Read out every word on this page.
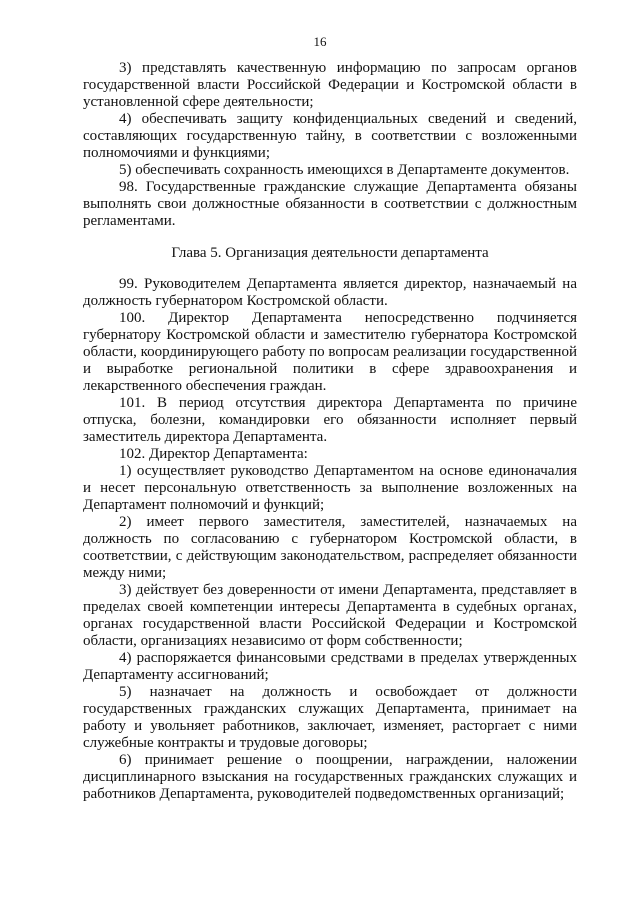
16

3) представлять качественную информацию по запросам органов государственной власти Российской Федерации и Костромской области в установленной сфере деятельности;

4) обеспечивать защиту конфиденциальных сведений и сведений, составляющих государственную тайну, в соответствии с возложенными полномочиями и функциями;

5) обеспечивать сохранность имеющихся в Департаменте документов.

98. Государственные гражданские служащие Департамента обязаны выполнять свои должностные обязанности в соответствии с должностным регламентами.

Глава 5. Организация деятельности департамента

99. Руководителем Департамента является директор, назначаемый на должность губернатором Костромской области.

100. Директор Департамента непосредственно подчиняется губернатору Костромской области и заместителю губернатора Костромской области, координирующего работу по вопросам реализации государственной и выработке региональной политики в сфере здравоохранения и лекарственного обеспечения граждан.

101. В период отсутствия директора Департамента по причине отпуска, болезни, командировки его обязанности исполняет первый заместитель директора Департамента.

102. Директор Департамента:

1) осуществляет руководство Департаментом на основе единоначалия и несет персональную ответственность за выполнение возложенных на Департамент полномочий и функций;

2) имеет первого заместителя, заместителей, назначаемых на должность по согласованию с губернатором Костромской области, в соответствии, с действующим законодательством, распределяет обязанности между ними;

3) действует без доверенности от имени Департамента, представляет в пределах своей компетенции интересы Департамента в судебных органах, органах государственной власти Российской Федерации и Костромской области, организациях независимо от форм собственности;

4) распоряжается финансовыми средствами в пределах утвержденных Департаменту ассигнований;

5) назначает на должность и освобождает от должности государственных гражданских служащих Департамента, принимает на работу и увольняет работников, заключает, изменяет, расторгает с ними служебные контракты и трудовые договоры;

6) принимает решение о поощрении, награждении, наложении дисциплинарного взыскания на государственных гражданских служащих и работников Департамента, руководителей подведомственных организаций;
